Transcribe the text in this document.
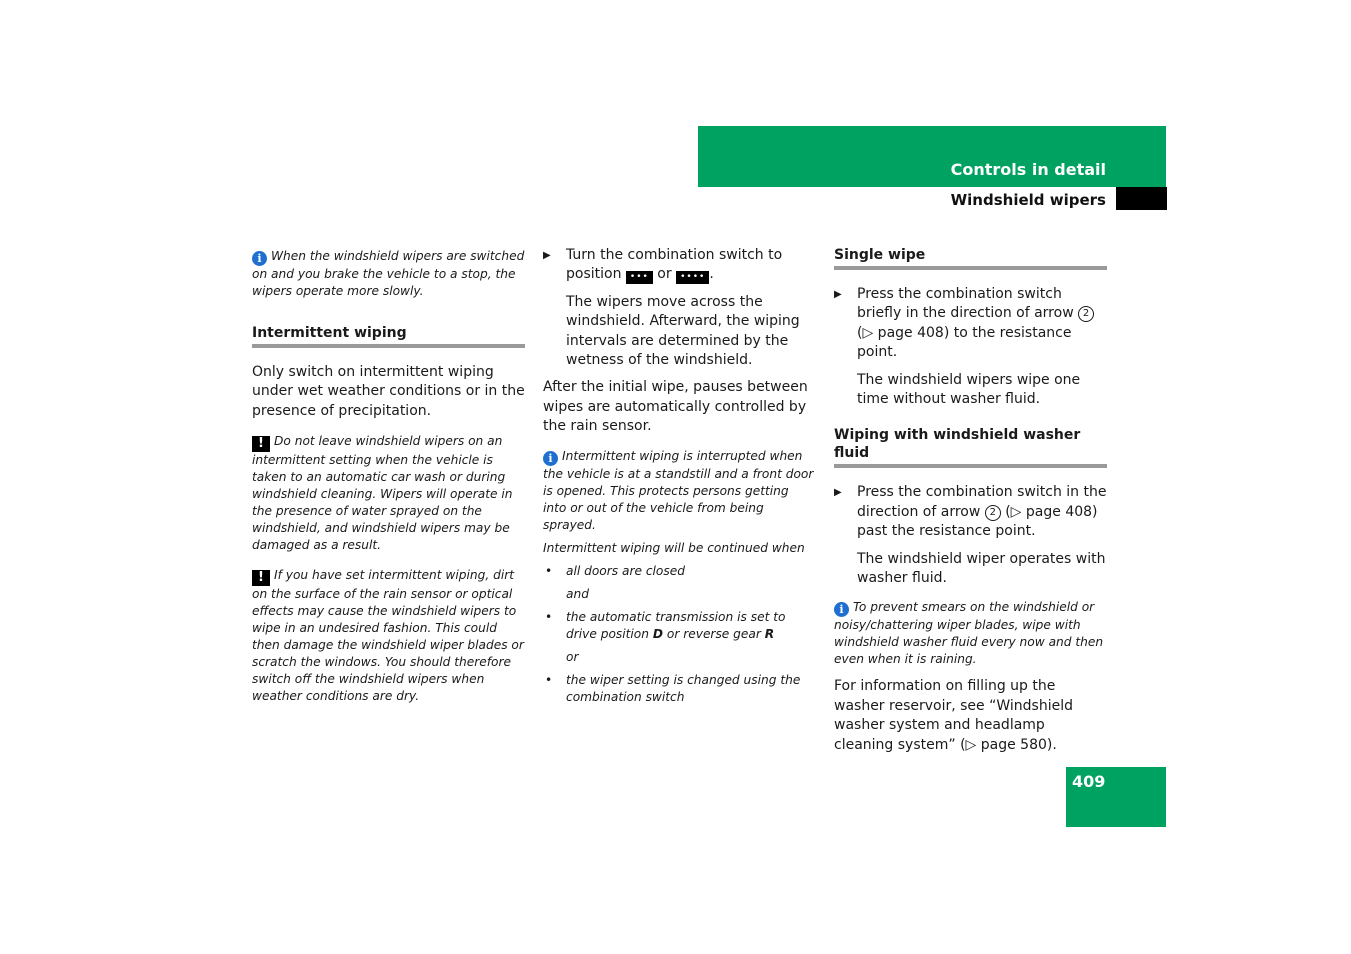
Controls in detail
Windshield wipers

i When the windshield wipers are switched on and you brake the vehicle to a stop, the wipers operate more slowly.

Intermittent wiping

Only switch on intermittent wiping under wet weather conditions or in the presence of precipitation.

! Do not leave windshield wipers on an intermittent setting when the vehicle is taken to an automatic car wash or during windshield cleaning. Wipers will operate in the presence of water sprayed on the windshield, and windshield wipers may be damaged as a result.

! If you have set intermittent wiping, dirt on the surface of the rain sensor or optical effects may cause the windshield wipers to wipe in an undesired fashion. This could then damage the windshield wiper blades or scratch the windows. You should therefore switch off the windshield wipers when weather conditions are dry.

▶ Turn the combination switch to position ••• or •••• .

The wipers move across the windshield. Afterward, the wiping intervals are determined by the wetness of the windshield.

After the initial wipe, pauses between wipes are automatically controlled by the rain sensor.

i Intermittent wiping is interrupted when the vehicle is at a standstill and a front door is opened. This protects persons getting into or out of the vehicle from being sprayed.

Intermittent wiping will be continued when

• all doors are closed

and

• the automatic transmission is set to drive position D or reverse gear R

or

• the wiper setting is changed using the combination switch

Single wipe

▶ Press the combination switch briefly in the direction of arrow 2 (▷ page 408) to the resistance point.

The windshield wipers wipe one time without washer fluid.

Wiping with windshield washer fluid

▶ Press the combination switch in the direction of arrow 2 (▷ page 408) past the resistance point.

The windshield wiper operates with washer fluid.

i To prevent smears on the windshield or noisy/chattering wiper blades, wipe with windshield washer fluid every now and then even when it is raining.

For information on filling up the washer reservoir, see “Windshield washer system and headlamp cleaning system” (▷ page 580).

409
